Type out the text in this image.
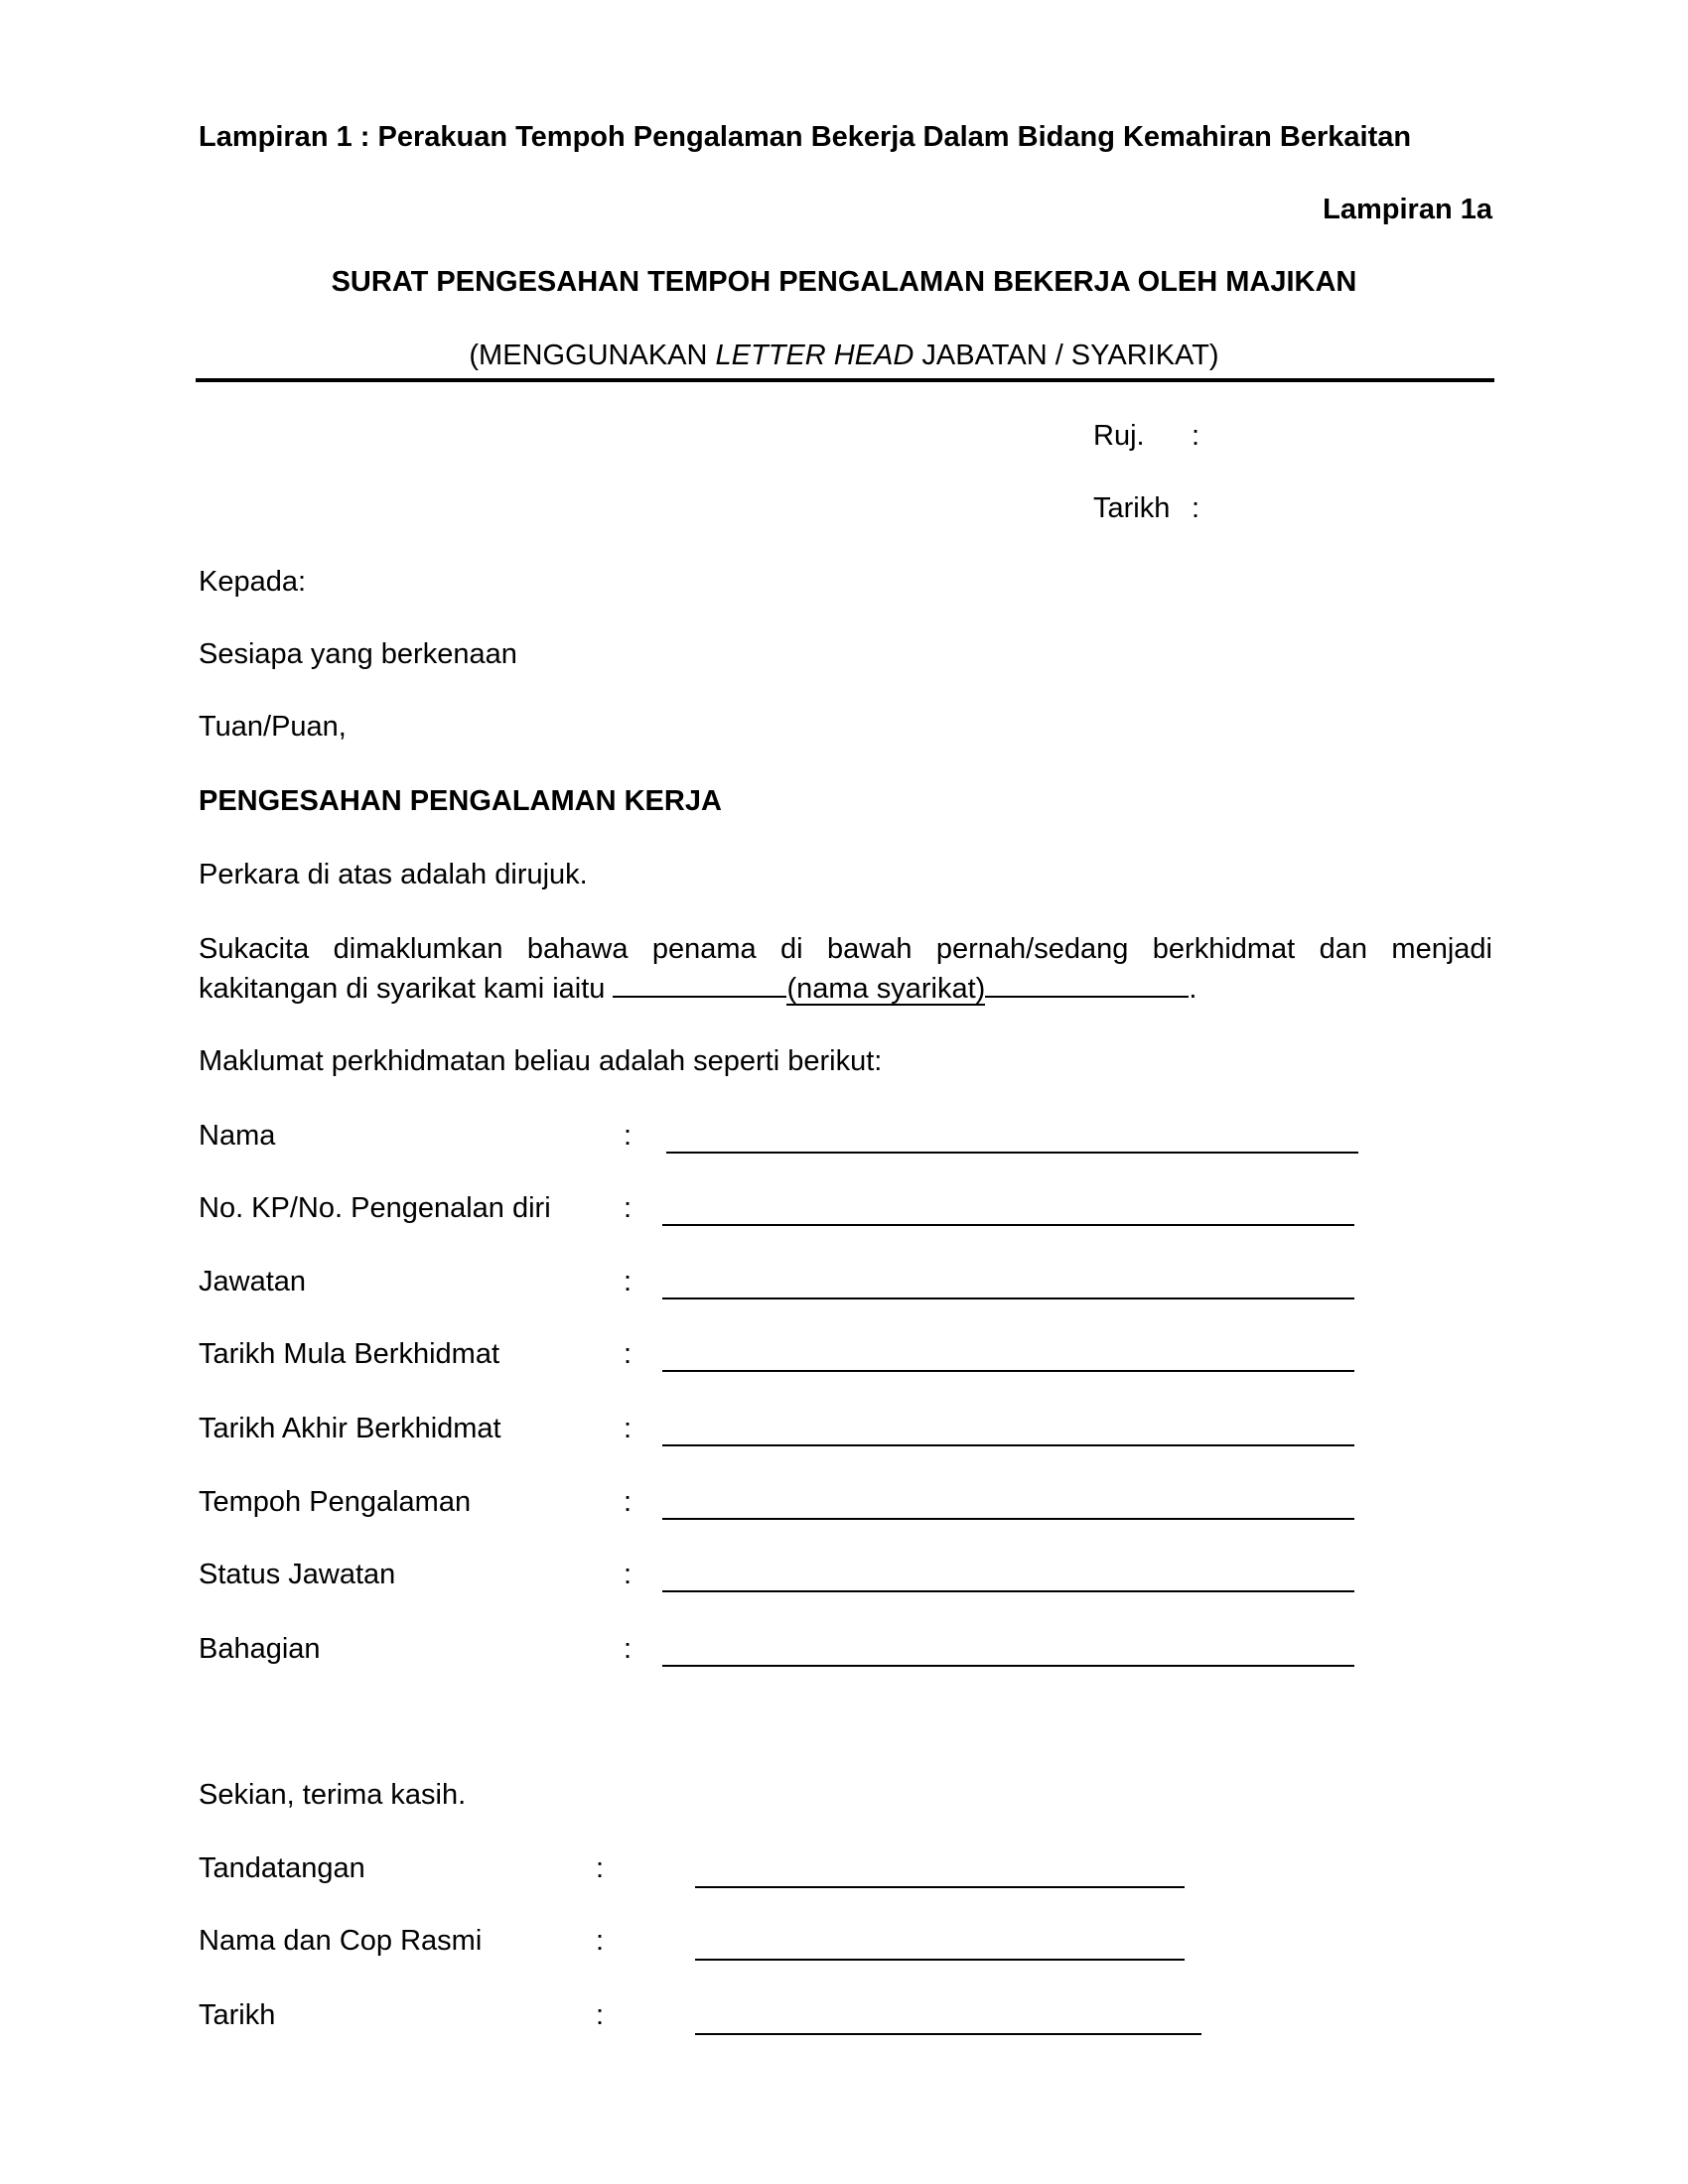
Lampiran 1 : Perakuan Tempoh Pengalaman Bekerja Dalam Bidang Kemahiran Berkaitan
Lampiran 1a
SURAT PENGESAHAN TEMPOH PENGALAMAN BEKERJA OLEH MAJIKAN
(MENGGUNAKAN LETTER HEAD JABATAN / SYARIKAT)
Ruj. :
Tarikh :
Kepada:
Sesiapa yang berkenaan
Tuan/Puan,
PENGESAHAN PENGALAMAN KERJA
Perkara di atas adalah dirujuk.
Sukacita dimaklumkan bahawa penama di bawah pernah/sedang berkhidmat dan menjadi
kakitangan di syarikat kami iaitu	(nama syarikat)	.
Maklumat perkhidmatan beliau adalah seperti berikut:
Nama	:
No. KP/No. Pengenalan diri	:
Jawatan	:
Tarikh Mula Berkhidmat	:
Tarikh Akhir Berkhidmat	:
Tempoh Pengalaman	:
Status Jawatan	:
Bahagian	:
Sekian, terima kasih.
Tandatangan	:
Nama dan Cop Rasmi	:
Tarikh	:
